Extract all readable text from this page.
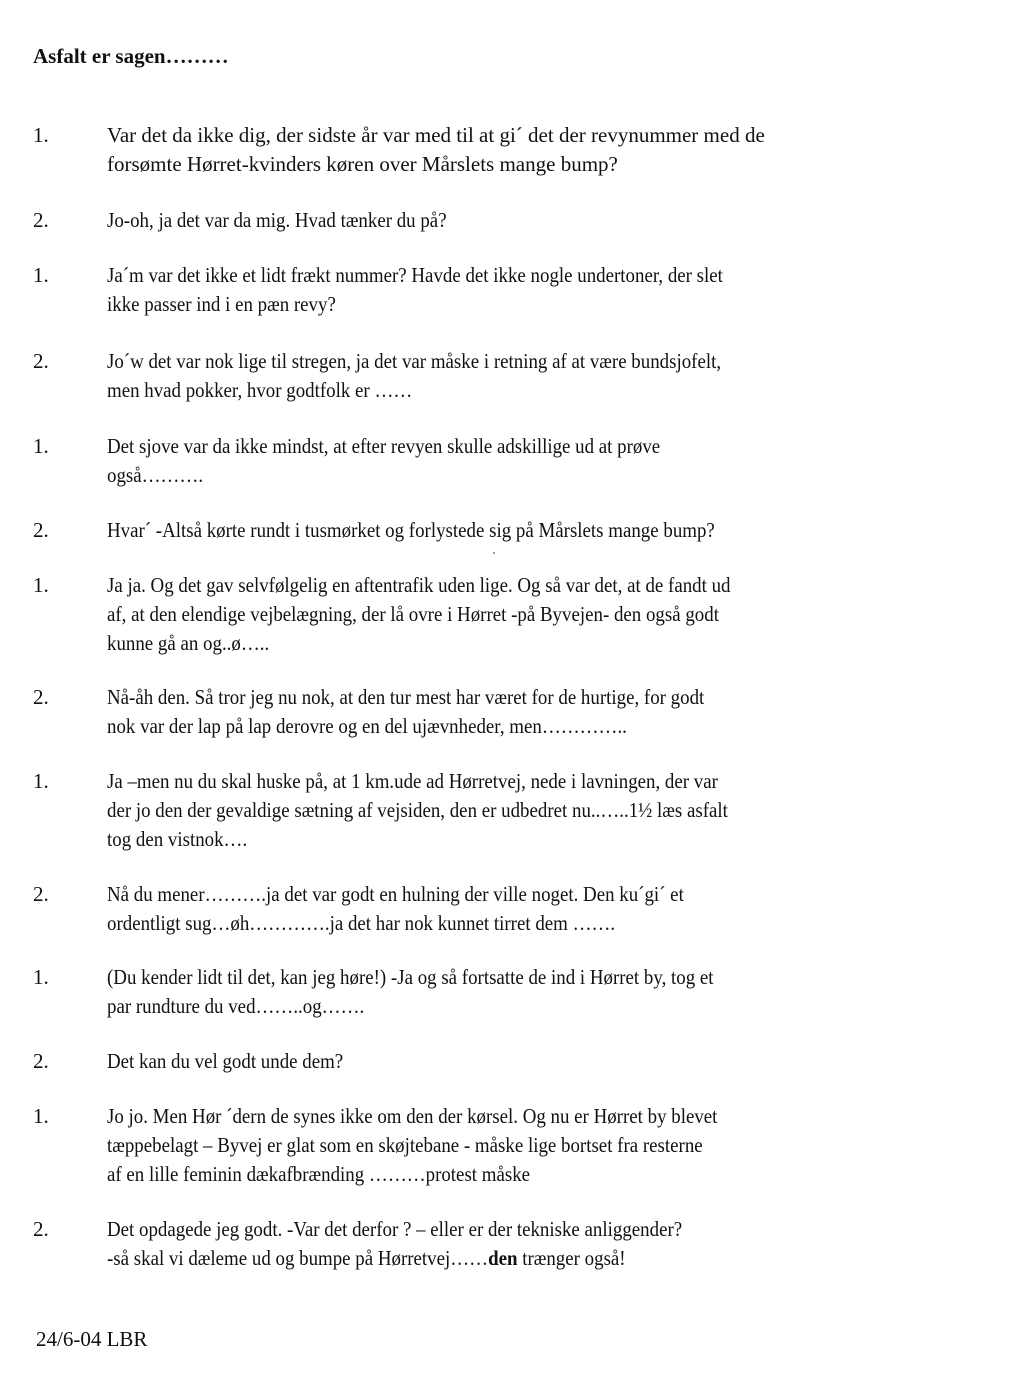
Asfalt er sagen………
1.	Var det da ikke dig, der sidste år var med til at gi´ det der revynummer med de
forsømte Hørret-kvinders køren over Mårslets mange bump?
2.	Jo-oh, ja det var da mig. Hvad tænker du på?
1.	Ja´m var det ikke et lidt frækt nummer? Havde det ikke nogle undertoner, der slet
ikke passer ind i en pæn revy?
2.	Jo´w det var nok lige til stregen, ja det var måske i retning af at være bundsjofelt,
men hvad pokker, hvor godtfolk er ……
1.	Det sjove var da ikke mindst, at efter revyen skulle adskillige ud at prøve
også……….
2.	Hvar´ -Altså kørte rundt i tusmørket og forlystede sig på Mårslets mange bump?
1.	Ja ja. Og det gav selvfølgelig en aftentrafik uden lige. Og så var det, at de fandt ud
af, at den elendige vejbelægning, der lå ovre i Hørret -på Byvejen- den også godt
kunne gå an og..ø…..
2.	Nå-åh den. Så tror jeg nu nok, at den tur mest har været for de hurtige, for godt
nok var der lap på lap derovre og en del ujævnheder, men…………..
1.	Ja –men nu du skal huske på, at 1 km.ude ad Hørretvej, nede i lavningen, der var
der jo den der gevaldige sætning af vejsiden, den er udbedret nu..…..1½ læs asfalt
tog den vistnok….
2.	Nå du mener……….ja det var godt en hulning der ville noget. Den ku´gi´ et
ordentligt sug…øh………….ja det har nok kunnet tirret dem …….
1.	(Du kender lidt til det, kan jeg høre!) -Ja og så fortsatte de ind i Hørret by, tog et
par rundture du ved……..og…….
2.	Det kan du vel godt unde dem?
1.	Jo jo. Men Hør ´dern de synes ikke om den der kørsel. Og nu er Hørret by blevet
tæppebelagt – Byvej er glat som en skøjtebane - måske lige bortset fra resterne
af en lille feminin dækafbrænding ………protest måske
2.	Det opdagede jeg godt. -Var det derfor ? – eller er der tekniske anliggender?
-så skal vi dæleme ud og bumpe på Hørretvej……den trænger også!
24/6-04 LBR
